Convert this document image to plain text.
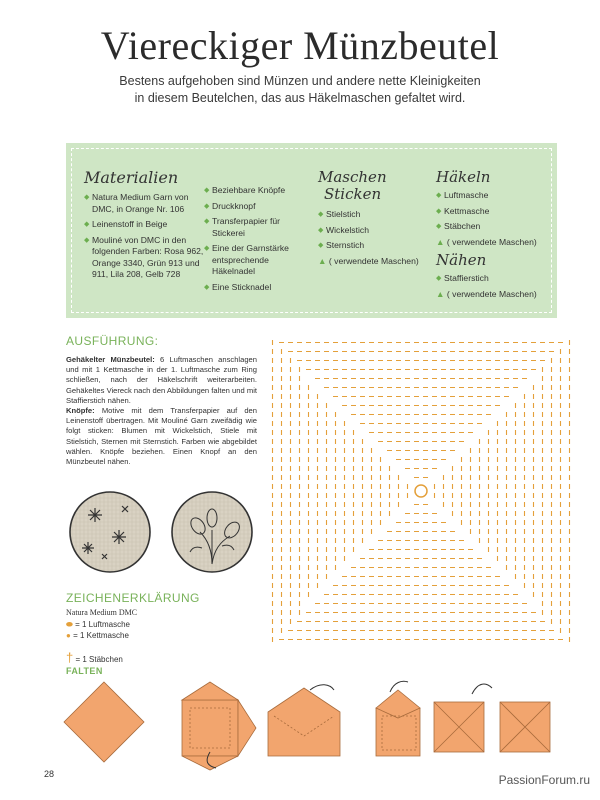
Viereckiger Münzbeutel
Bestens aufgehoben sind Münzen und andere nette Kleinigkeiten
in diesem Beutelchen, das aus Häkelmaschen gefaltet wird.
Materialien
◆ Natura Medium Garn von DMC, in Orange Nr. 106
◆ Leinenstoff in Beige
◆ Mouliné von DMC in den folgenden Farben: Rosa 962, Orange 3340, Grün 913 und 911, Lila 208, Gelb 728
◆ Beziehbare Knöpfe
◆ Druckknopf
◆ Transferpapier für Stickerei
◆ Eine der Garnstärke entsprechende Häkelnadel
◆ Eine Sticknadel
Maschen
Sticken
◆ Stielstich
◆ Wickelstich
◆ Sternstich
▲ ( verwendete Maschen)
Häkeln
◆ Luftmasche
◆ Kettmasche
◆ Stäbchen
▲ ( verwendete Maschen)
Nähen
◆ Staffierstich
▲ ( verwendete Maschen)
AUSFÜHRUNG:

Gehäkelter Münzbeutel: 6 Luftmaschen anschlagen und mit 1 Kettmasche in der 1. Luftmasche zum Ring schließen, nach der Häkelschrift weiterarbeiten. Gehäkeltes Viereck nach den Abbildungen falten und mit Staffierstich nähen.

Knöpfe: Motive mit dem Transferpapier auf den Leinenstoff übertragen. Mit Mouliné Garn zweifädig wie folgt sticken: Blumen mit Wickelstich, Stiele mit Stielstich, Sternen mit Sternstich. Farben wie abgebildet wählen. Knöpfe beziehen. Einen Knopf an den Münzbeutel nähen.

ZEICHENERKLÄRUNG
Natura Medium DMC
⬬ = 1 Luftmasche
● = 1 Kettmasche
† = 1 Stäbchen
FALTEN
28	PassionForum.ru
